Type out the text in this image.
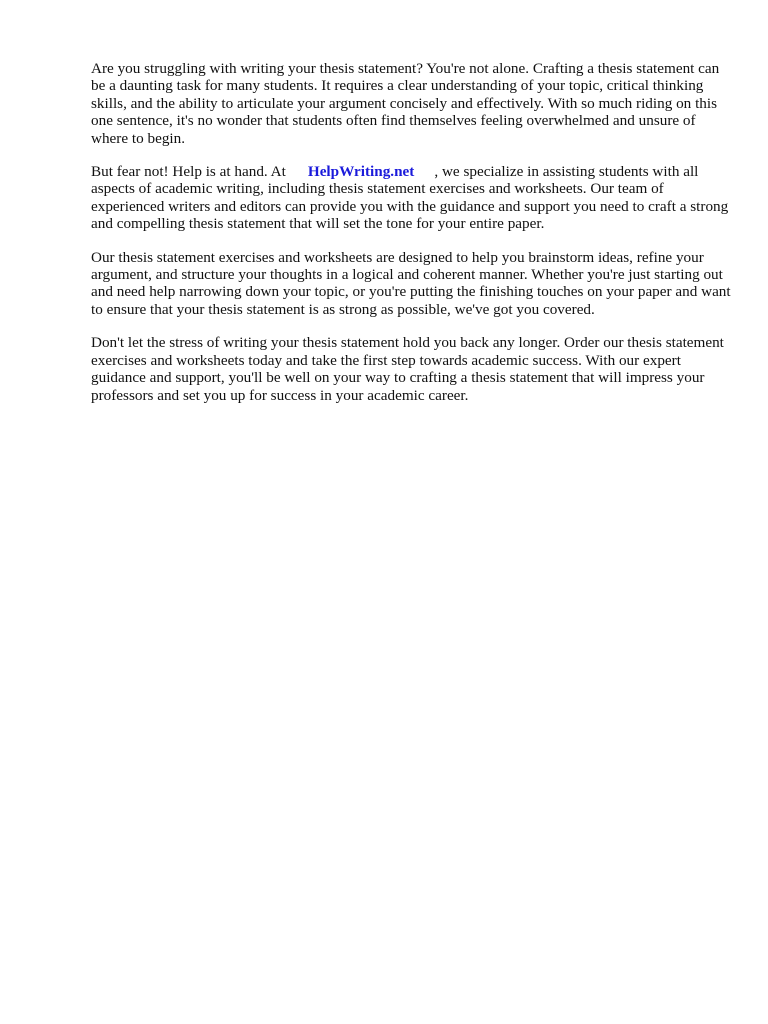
Are you struggling with writing your thesis statement? You're not alone. Crafting a thesis statement can be a daunting task for many students. It requires a clear understanding of your topic, critical thinking skills, and the ability to articulate your argument concisely and effectively. With so much riding on this one sentence, it's no wonder that students often find themselves feeling overwhelmed and unsure of where to begin.

But fear not! Help is at hand. At HelpWriting.net , we specialize in assisting students with all aspects of academic writing, including thesis statement exercises and worksheets. Our team of experienced writers and editors can provide you with the guidance and support you need to craft a strong and compelling thesis statement that will set the tone for your entire paper.

Our thesis statement exercises and worksheets are designed to help you brainstorm ideas, refine your argument, and structure your thoughts in a logical and coherent manner. Whether you're just starting out and need help narrowing down your topic, or you're putting the finishing touches on your paper and want to ensure that your thesis statement is as strong as possible, we've got you covered.

Don't let the stress of writing your thesis statement hold you back any longer. Order our thesis statement exercises and worksheets today and take the first step towards academic success. With our expert guidance and support, you'll be well on your way to crafting a thesis statement that will impress your professors and set you up for success in your academic career.
